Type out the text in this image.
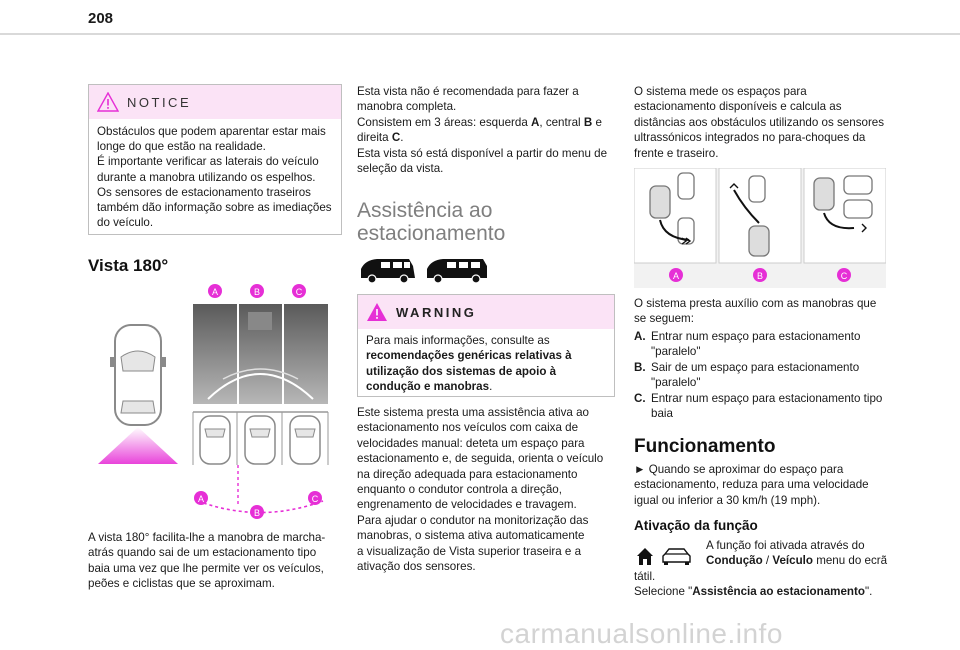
208
NOTICE
Obstáculos que podem aparentar estar mais
longe do que estão na realidade.
É importante verificar as laterais do veículo
durante a manobra utilizando os espelhos.
Os sensores de estacionamento traseiros
também dão informação sobre as imediações
do veículo.
Vista 180°
A	B	C
A
B
C
A vista 180° facilita-lhe a manobra de marcha-
atrás quando sai de um estacionamento tipo
baia uma vez que lhe permite ver os veículos,
peões e ciclistas que se aproximam.
Esta vista não é recomendada para fazer a
manobra completa.
Consistem em 3 áreas: esquerda A, central B e
direita C.
Esta vista só está disponível a partir do menu de
seleção da vista.
Assistência ao
estacionamento
WARNING
Para mais informações, consulte as
recomendações genéricas relativas à
utilização dos sistemas de apoio à
condução e manobras.
Este sistema presta uma assistência ativa ao
estacionamento nos veículos com caixa de
velocidades manual: deteta um espaço para
estacionamento e, de seguida, orienta o veículo
na direção adequada para estacionamento
enquanto o condutor controla a direção,
engrenamento de velocidades e travagem.
Para ajudar o condutor na monitorização das
manobras, o sistema ativa automaticamente
a visualização de Vista superior traseira e a
ativação dos sensores.
O sistema mede os espaços para
estacionamento disponíveis e calcula as
distâncias aos obstáculos utilizando os sensores
ultrassónicos integrados no para-choques da
frente e traseiro.
A	B	C
O sistema presta auxílio com as manobras que
se seguem:
A. Entrar num espaço para estacionamento
"paralelo"
B. Sair de um espaço para estacionamento
"paralelo"
C. Entrar num espaço para estacionamento tipo
baia
Funcionamento
► Quando se aproximar do espaço para
estacionamento, reduza para uma velocidade
igual ou inferior a 30 km/h (19 mph).
Ativação da função
A função foi ativada através do
Condução / Veículo menu do ecrã
tátil.
Selecione "Assistência ao estacionamento".
carmanualsonline.info
